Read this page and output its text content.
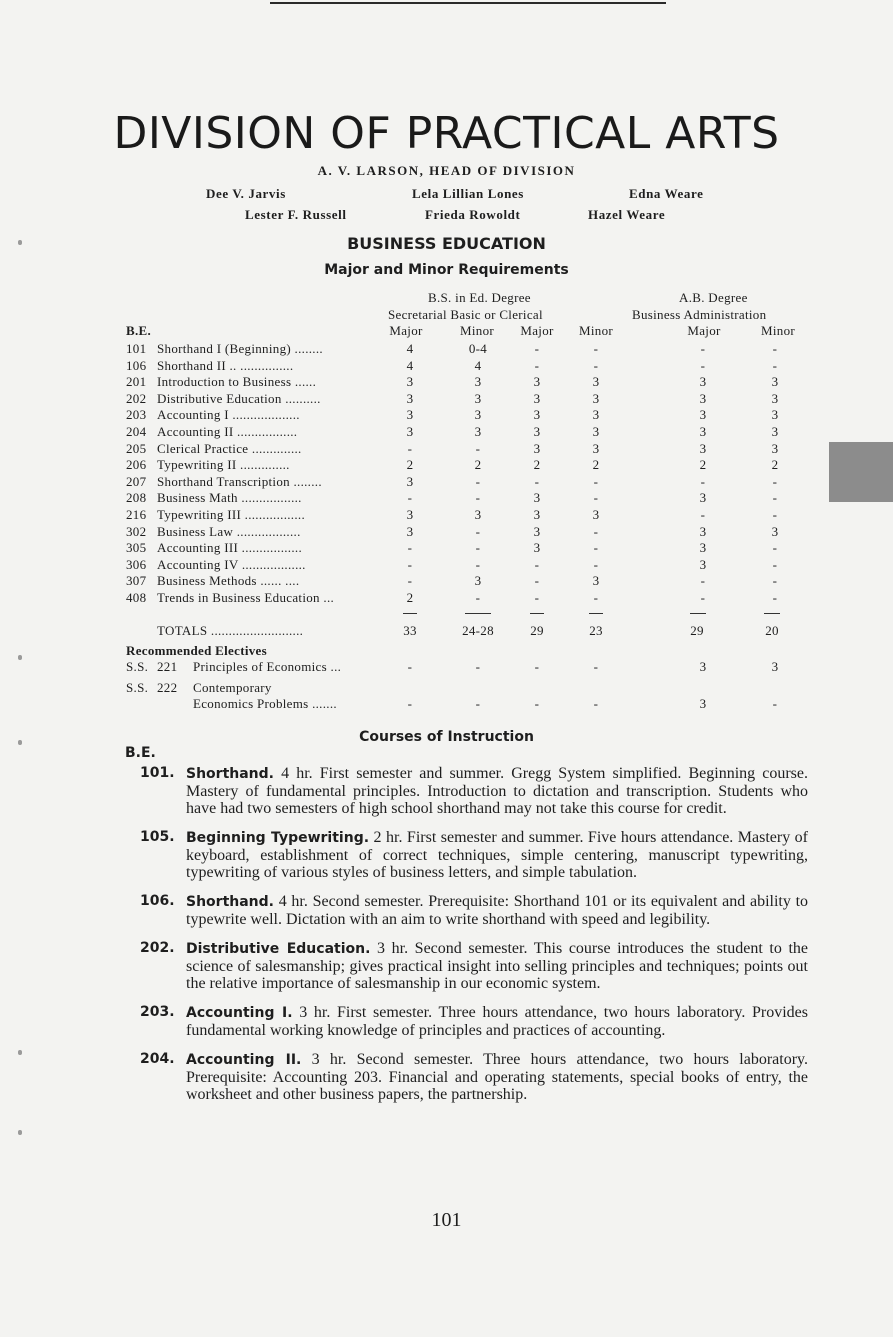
DIVISION OF PRACTICAL ARTS
A. V. LARSON, HEAD OF DIVISION
Dee V. Jarvis	Lela Lillian Lones	Edna Weare
Lester F. Russell	Frieda Rowoldt	Hazel Weare
BUSINESS EDUCATION
Major and Minor Requirements
B.S. in Ed. Degree
Secretarial Basic or Clerical
A.B. Degree
Business Administration
B.E.	Major	Minor	Major	Minor	Major	Minor
101 Shorthand I (Beginning) ........	4	0-4	-	-	-	-
106 Shorthand II .. ...............	4	4	-	-	-	-
201 Introduction to Business ......	3	3	3	3	3	3
202 Distributive Education ..........	3	3	3	3	3	3
203 Accounting I ...................	3	3	3	3	3	3
204 Accounting II .................	3	3	3	3	3	3
205 Clerical Practice ..............	-	-	3	3	3	3
206 Typewriting II ..............	2	2	2	2	2	2
207 Shorthand Transcription ........	3	-	-	-	-	-
208 Business Math .................	-	-	3	-	3	-
216 Typewriting III .................	3	3	3	3	-	-
302 Business Law ..................	3	-	3	-	3	3
305 Accounting III .................	-	-	3	-	3	-
306 Accounting IV ..................	-	-	-	-	3	-
307 Business Methods ...... ....	-	3	-	3	-	-
408 Trends in Business Education ...	2	-	-	-	-	-
TOTALS ..........................	33	24-28	29	23	29	20
Recommended Electives
S.S. 221 Principles of Economics ...	-	-	-	-	3	3
S.S. 222 Contemporary
Economics Problems .......	-	-	-	-	3	-
Courses of Instruction
B.E.
101. Shorthand. 4 hr. First semester and summer. Gregg System simplified. Beginning course. Mastery of fundamental principles. Introduction to dictation and transcription. Students who have had two semesters of high school shorthand may not take this course for credit.
105. Beginning Typewriting. 2 hr. First semester and summer. Five hours attendance. Mastery of keyboard, establishment of correct techniques, simple centering, manuscript typewriting, typewriting of various styles of business letters, and simple tabulation.
106. Shorthand. 4 hr. Second semester. Prerequisite: Shorthand 101 or its equivalent and ability to typewrite well. Dictation with an aim to write shorthand with speed and legibility.
202. Distributive Education. 3 hr. Second semester. This course introduces the student to the science of salesmanship; gives practical insight into selling principles and techniques; points out the relative importance of salesmanship in our economic system.
203. Accounting I. 3 hr. First semester. Three hours attendance, two hours laboratory. Provides fundamental working knowledge of principles and practices of accounting.
204. Accounting II. 3 hr. Second semester. Three hours attendance, two hours laboratory. Prerequisite: Accounting 203. Financial and operating statements, special books of entry, the worksheet and other business papers, the partnership.
101
